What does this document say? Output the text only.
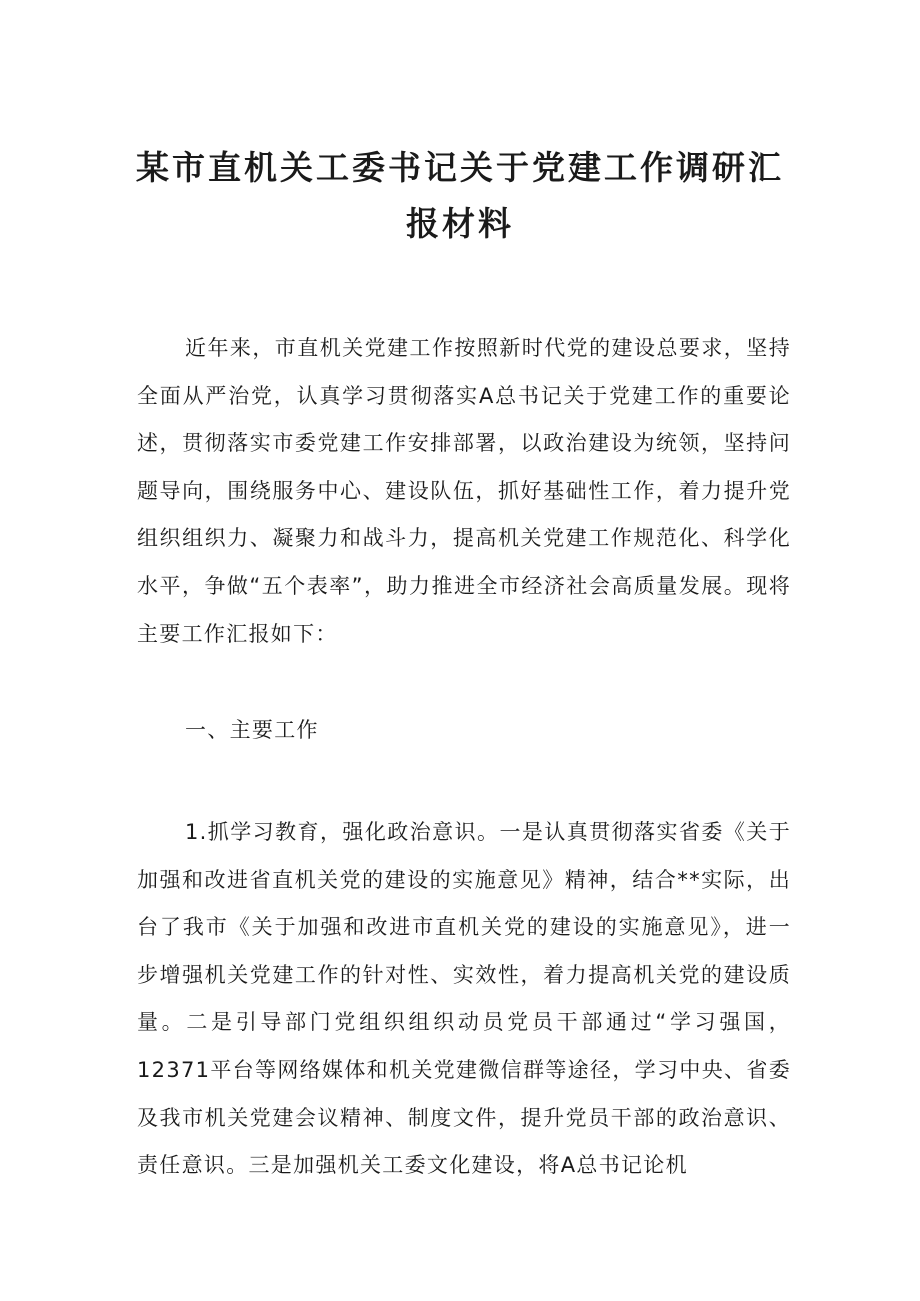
某市直机关工委书记关于党建工作调研汇
报材料

近年来，市直机关党建工作按照新时代党的建设总要求，坚持全面从严治党，认真学习贯彻落实A总书记关于党建工作的重要论述，贯彻落实市委党建工作安排部署，以政治建设为统领，坚持问题导向，围绕服务中心、建设队伍，抓好基础性工作，着力提升党组织组织力、凝聚力和战斗力，提高机关党建工作规范化、科学化水平，争做“五个表率”，助力推进全市经济社会高质量发展。现将主要工作汇报如下：

一、主要工作

1.抓学习教育，强化政治意识。一是认真贯彻落实省委《关于加强和改进省直机关党的建设的实施意见》精神，结合**实际，出台了我市《关于加强和改进市直机关党的建设的实施意见》，进一步增强机关党建工作的针对性、实效性，着力提高机关党的建设质量。二是引导部门党组织组织动员党员干部通过“学习强国，12371平台等网络媒体和机关党建微信群等途径，学习中央、省委及我市机关党建会议精神、制度文件，提升党员干部的政治意识、责任意识。三是加强机关工委文化建设，将A总书记论机
